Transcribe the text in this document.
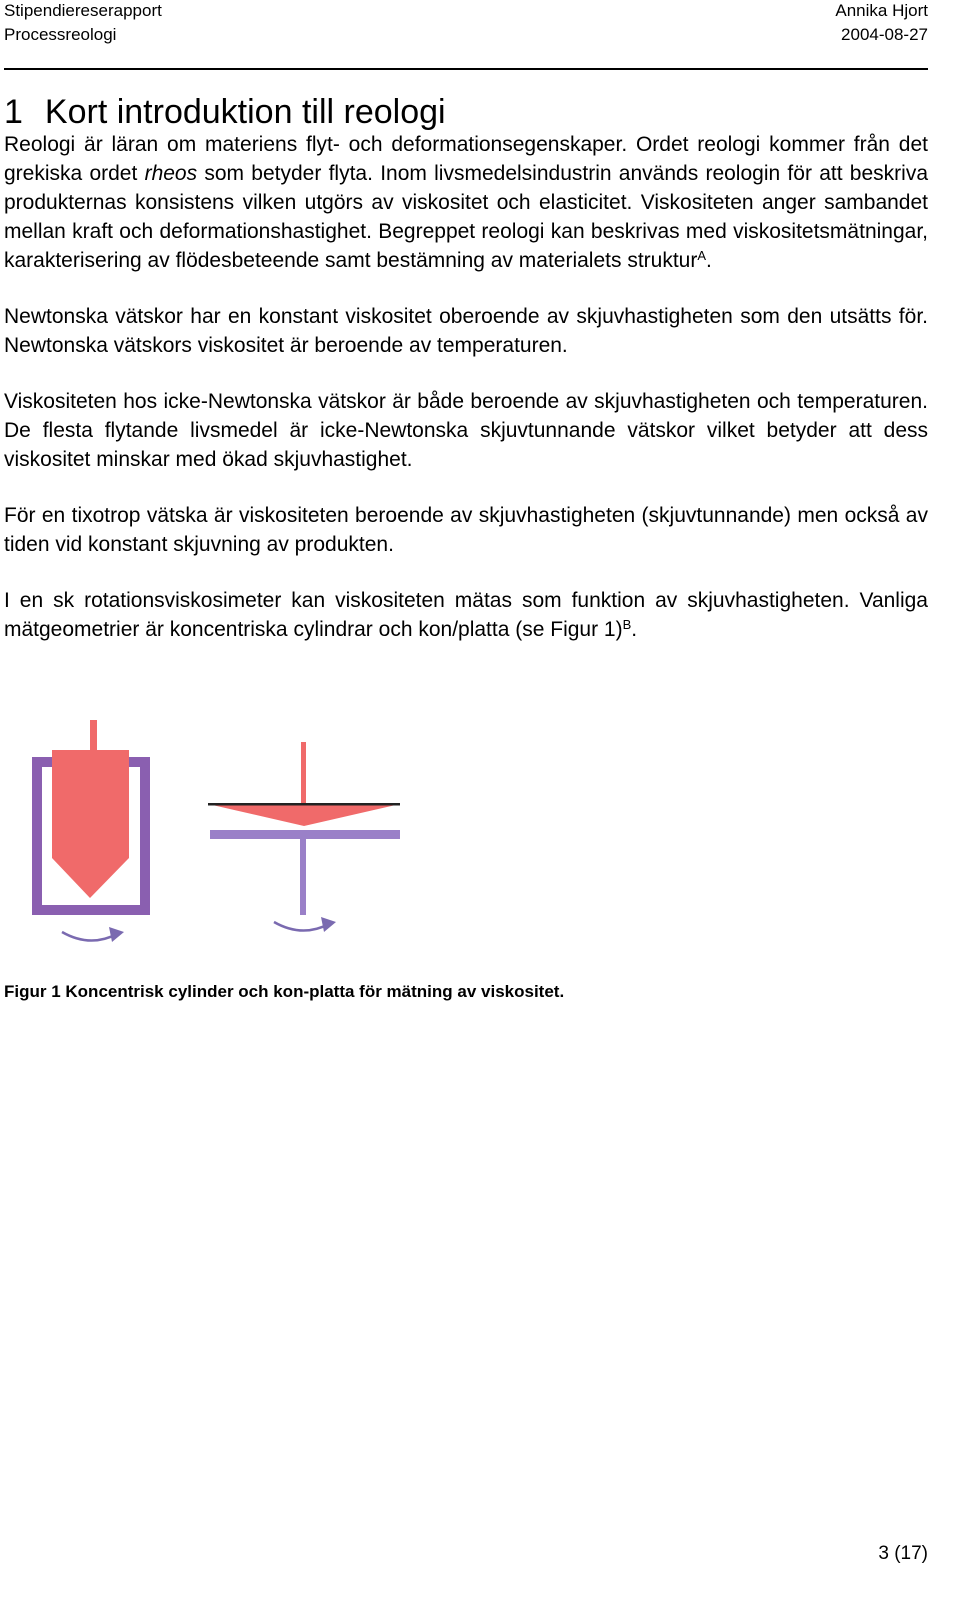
Stipendiereserapport
Processreologi
Annika Hjort
2004-08-27
1 Kort introduktion till reologi

Reologi är läran om materiens flyt- och deformationsegenskaper. Ordet reologi kommer från det grekiska ordet rheos som betyder flyta. Inom livsmedelsindustrin används reologin för att beskriva produkternas konsistens vilken utgörs av viskositet och elasticitet. Viskositeten anger sambandet mellan kraft och deformationshastighet. Begreppet reologi kan beskrivas med viskositetsmätningar, karakterisering av flödesbeteende samt bestämning av materialets struktur$^A$.

Newtonska vätskor har en konstant viskositet oberoende av skjuvhastigheten som den utsätts för. Newtonska vätskors viskositet är beroende av temperaturen.

Viskositeten hos icke-Newtonska vätskor är både beroende av skjuvhastigheten och temperaturen. De flesta flytande livsmedel är icke-Newtonska skjuvtunnande vätskor vilket betyder att dess viskositet minskar med ökad skjuvhastighet.

För en tixotrop vätska är viskositeten beroende av skjuvhastigheten (skjuvtunnande) men också av tiden vid konstant skjuvning av produkten.

I en sk rotationsviskosimeter kan viskositeten mätas som funktion av skjuvhastigheten. Vanliga mätgeometrier är koncentriska cylindrar och kon/platta (se Figur 1)$^B$.

Figur 1 Koncentrisk cylinder och kon-platta för mätning av viskositet.
3 (17)
